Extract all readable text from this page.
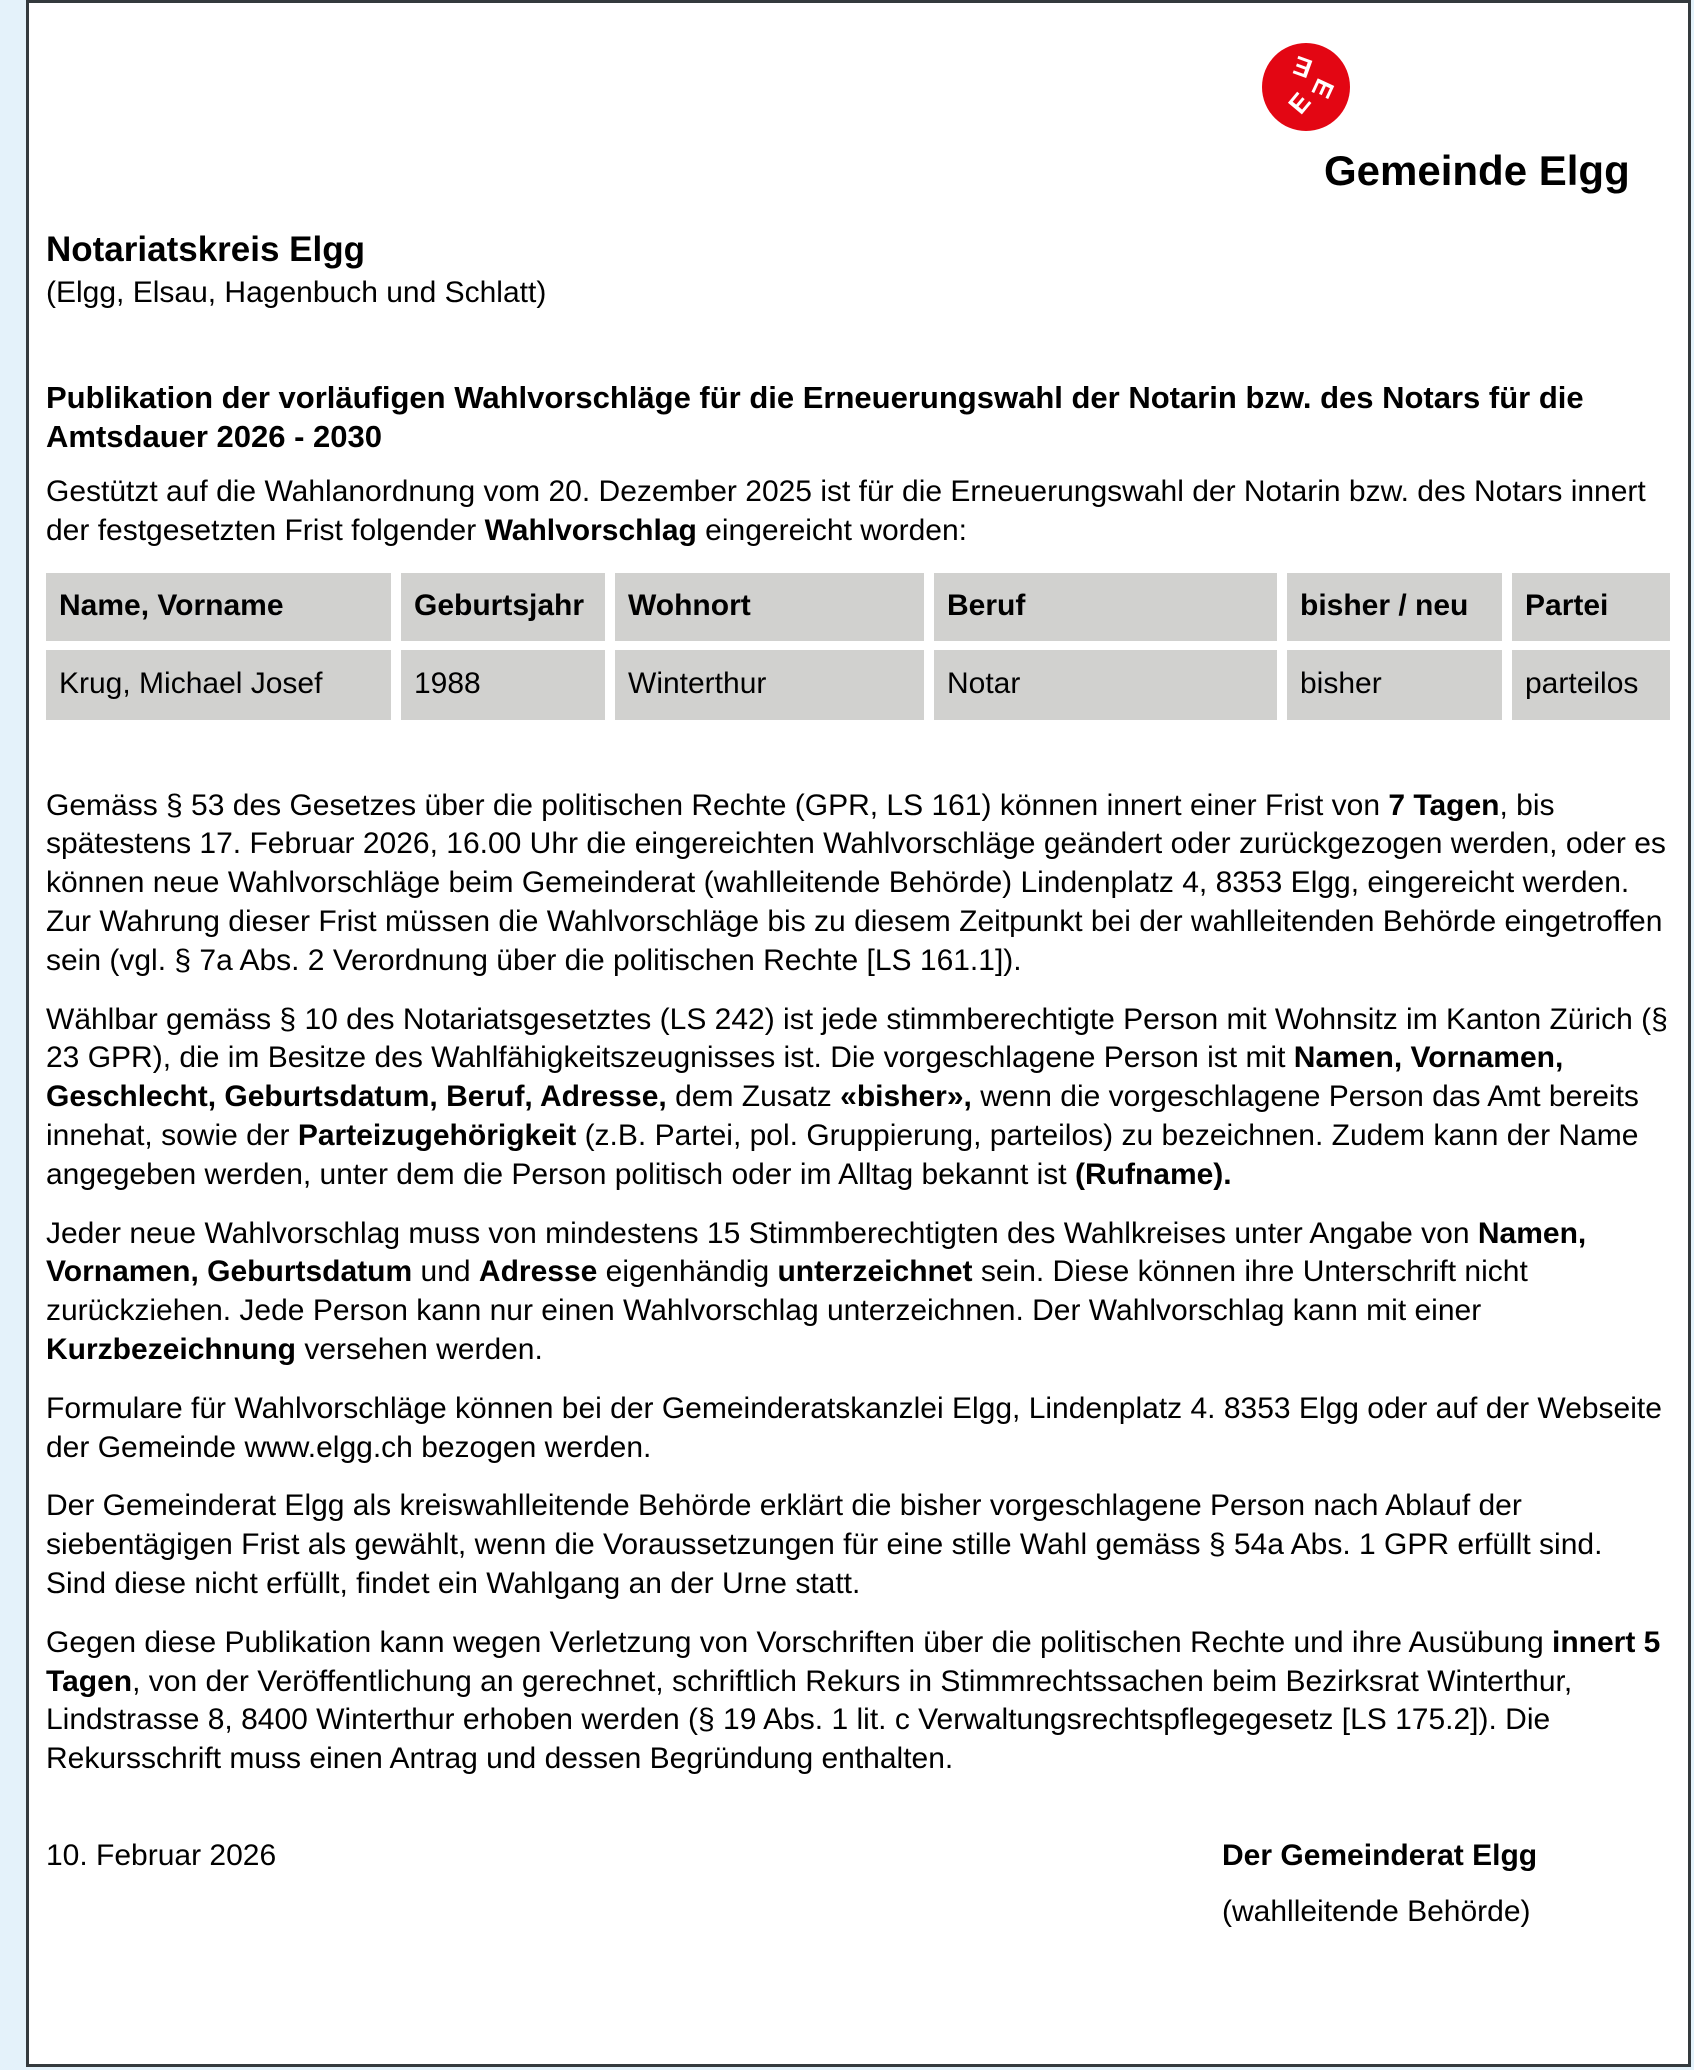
E
E
E
Gemeinde Elgg
Notariatskreis Elgg
(Elgg, Elsau, Hagenbuch und Schlatt)
Publikation der vorläufigen Wahlvorschläge für die Erneuerungswahl der Notarin bzw. des Notars für die Amtsdauer 2026 - 2030

Gestützt auf die Wahlanordnung vom 20. Dezember 2025 ist für die Erneuerungswahl der Notarin bzw. des Notars innert der festgesetzten Frist folgender Wahlvorschlag eingereicht worden:

Name, Vorname	Geburtsjahr	Wohnort	Beruf	bisher / neu	Partei
Krug, Michael Josef	1988	Winterthur	Notar	bisher	parteilos

Gemäss § 53 des Gesetzes über die politischen Rechte (GPR, LS 161) können innert einer Frist von 7 Tagen, bis spätestens 17. Februar 2026, 16.00 Uhr die eingereichten Wahlvorschläge geändert oder zurückgezogen werden, oder es können neue Wahlvorschläge beim Gemeinderat (wahlleitende Behörde) Lindenplatz 4, 8353 Elgg, eingereicht werden. Zur Wahrung dieser Frist müssen die Wahlvorschläge bis zu diesem Zeitpunkt bei der wahlleitenden Behörde eingetroffen sein (vgl. § 7a Abs. 2 Verordnung über die politischen Rechte [LS 161.1]).

Wählbar gemäss § 10 des Notariatsgesetztes (LS 242) ist jede stimmberechtigte Person mit Wohnsitz im Kanton Zürich (§ 23 GPR), die im Besitze des Wahlfähigkeitszeugnisses ist. Die vorgeschlagene Person ist mit Namen, Vornamen, Geschlecht, Geburtsdatum, Beruf, Adresse, dem Zusatz «bisher», wenn die vorgeschlagene Person das Amt bereits innehat, sowie der Parteizugehörigkeit (z.B. Partei, pol. Gruppierung, parteilos) zu bezeichnen. Zudem kann der Name angegeben werden, unter dem die Person politisch oder im Alltag bekannt ist (Rufname).

Jeder neue Wahlvorschlag muss von mindestens 15 Stimmberechtigten des Wahlkreises unter Angabe von Namen, Vornamen, Geburtsdatum und Adresse eigenhändig unterzeichnet sein. Diese können ihre Unterschrift nicht zurückziehen. Jede Person kann nur einen Wahlvorschlag unterzeichnen. Der Wahlvorschlag kann mit einer Kurzbezeichnung versehen werden.

Formulare für Wahlvorschläge können bei der Gemeinderatskanzlei Elgg, Lindenplatz 4. 8353 Elgg oder auf der Webseite der Gemeinde www.elgg.ch bezogen werden.

Der Gemeinderat Elgg als kreiswahlleitende Behörde erklärt die bisher vorgeschlagene Person nach Ablauf der siebentägigen Frist als gewählt, wenn die Voraussetzungen für eine stille Wahl gemäss § 54a Abs. 1 GPR erfüllt sind. Sind diese nicht erfüllt, findet ein Wahlgang an der Urne statt.

Gegen diese Publikation kann wegen Verletzung von Vorschriften über die politischen Rechte und ihre Ausübung innert 5 Tagen, von der Veröffentlichung an gerechnet, schriftlich Rekurs in Stimmrechtssachen beim Bezirksrat Winterthur, Lindstrasse 8, 8400 Winterthur erhoben werden (§ 19 Abs. 1 lit. c Verwaltungsrechtspflegegesetz [LS 175.2]). Die Rekursschrift muss einen Antrag und dessen Begründung enthalten.

10. Februar 2026	Der Gemeinderat Elgg
(wahlleitende Behörde)
